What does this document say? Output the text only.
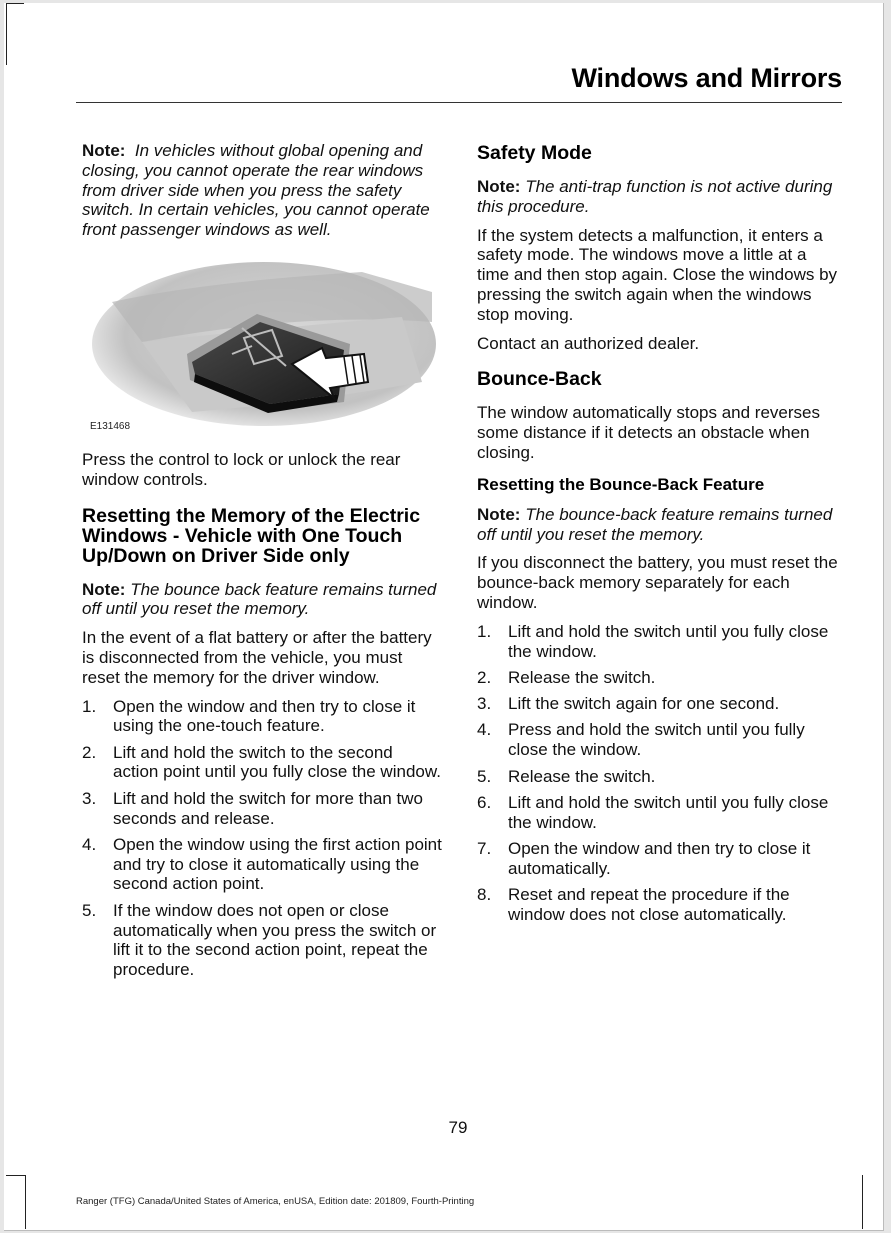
Windows and Mirrors

Note: In vehicles without global opening and closing, you cannot operate the rear windows from driver side when you press the safety switch. In certain vehicles, you cannot operate front passenger windows as well.

E131468

Press the control to lock or unlock the rear window controls.

Resetting the Memory of the Electric Windows - Vehicle with One Touch Up/Down on Driver Side only

Note: The bounce back feature remains turned off until you reset the memory.

In the event of a flat battery or after the battery is disconnected from the vehicle, you must reset the memory for the driver window.

1. Open the window and then try to close it using the one-touch feature.
2. Lift and hold the switch to the second action point until you fully close the window.
3. Lift and hold the switch for more than two seconds and release.
4. Open the window using the first action point and try to close it automatically using the second action point.
5. If the window does not open or close automatically when you press the switch or lift it to the second action point, repeat the procedure.
Safety Mode

Note: The anti-trap function is not active during this procedure.

If the system detects a malfunction, it enters a safety mode. The windows move a little at a time and then stop again. Close the windows by pressing the switch again when the windows stop moving.

Contact an authorized dealer.

Bounce-Back

The window automatically stops and reverses some distance if it detects an obstacle when closing.

Resetting the Bounce-Back Feature

Note: The bounce-back feature remains turned off until you reset the memory.

If you disconnect the battery, you must reset the bounce-back memory separately for each window.

1. Lift and hold the switch until you fully close the window.
2. Release the switch.
3. Lift the switch again for one second.
4. Press and hold the switch until you fully close the window.
5. Release the switch.
6. Lift and hold the switch until you fully close the window.
7. Open the window and then try to close it automatically.
8. Reset and repeat the procedure if the window does not close automatically.
79
Ranger (TFG) Canada/United States of America, enUSA, Edition date: 201809, Fourth-Printing
